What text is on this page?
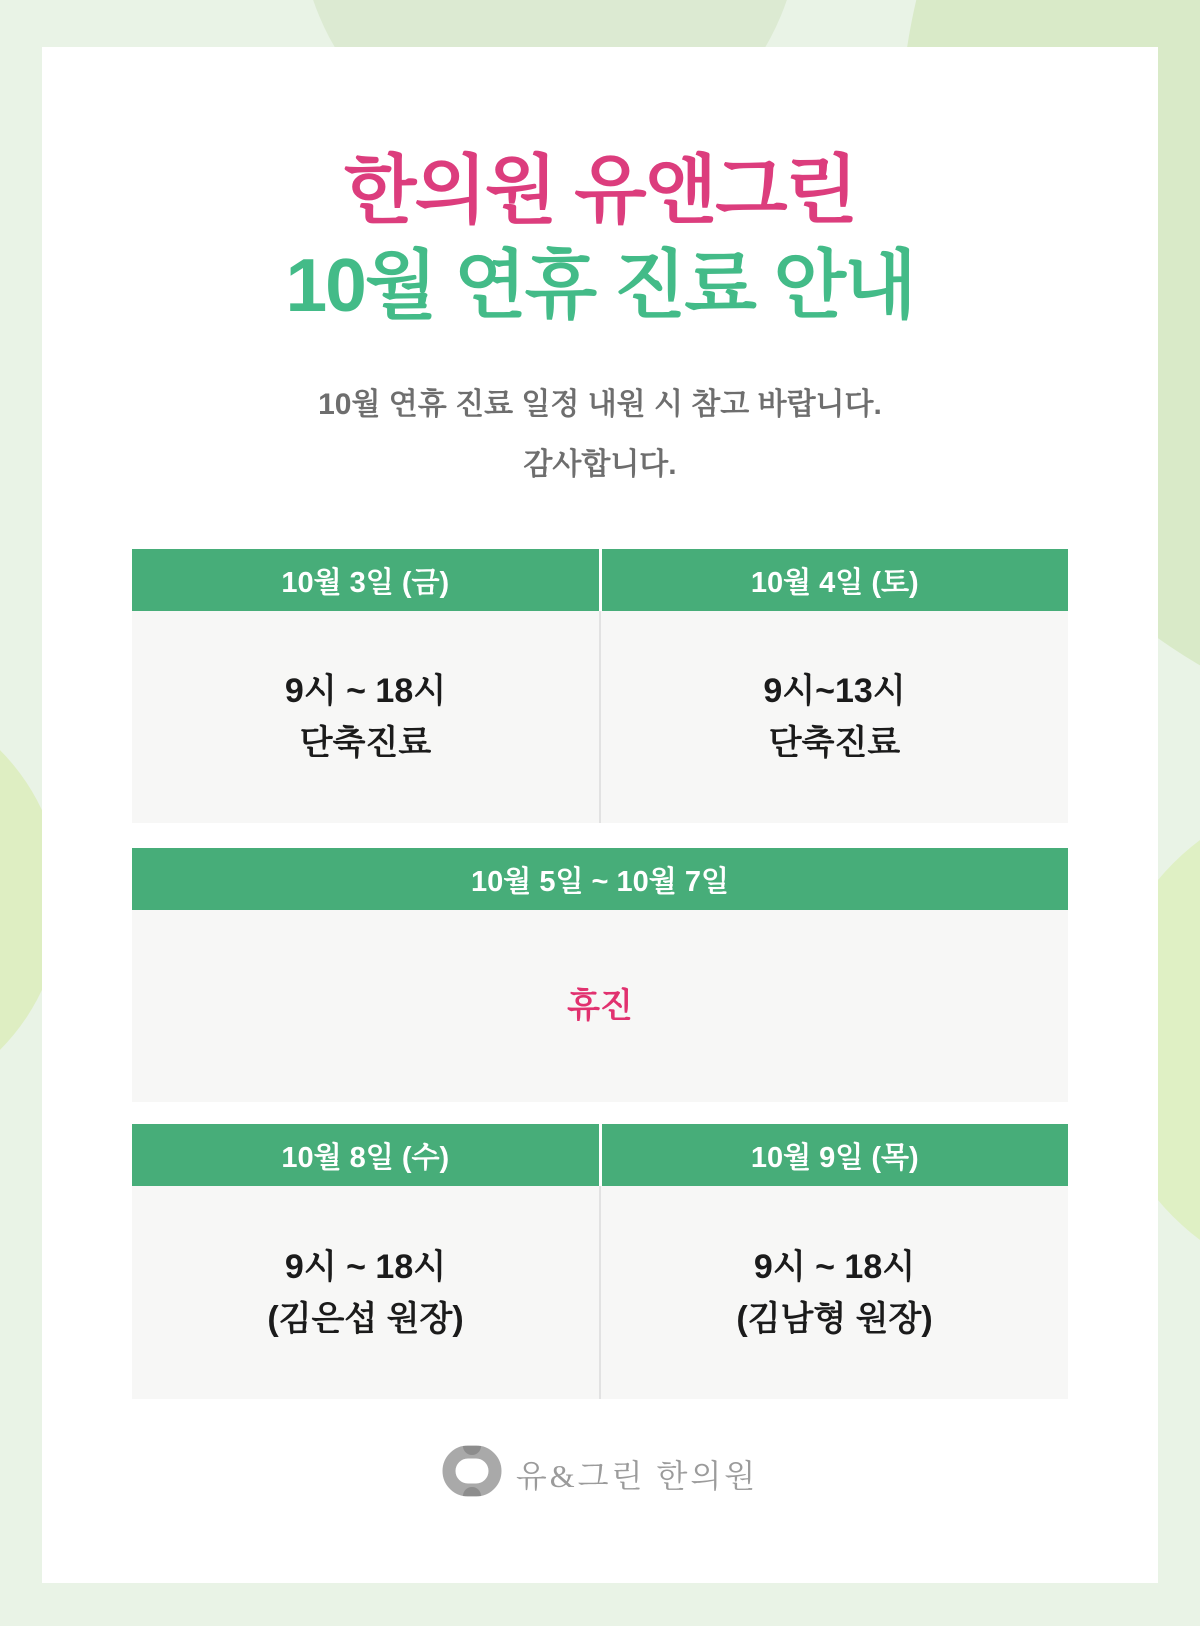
한의원 유앤그린
10월 연휴 진료 안내
10월 연휴 진료 일정 내원 시 참고 바랍니다.
감사합니다.
10월 3일 (금)	10월 4일 (토)
9시 ~ 18시
단축진료
9시~13시
단축진료
10월 5일 ~ 10월 7일
휴진
10월 8일 (수)	10월 9일 (목)
9시 ~ 18시
(김은섭 원장)
9시 ~ 18시
(김남형 원장)
유&그린 한의원
